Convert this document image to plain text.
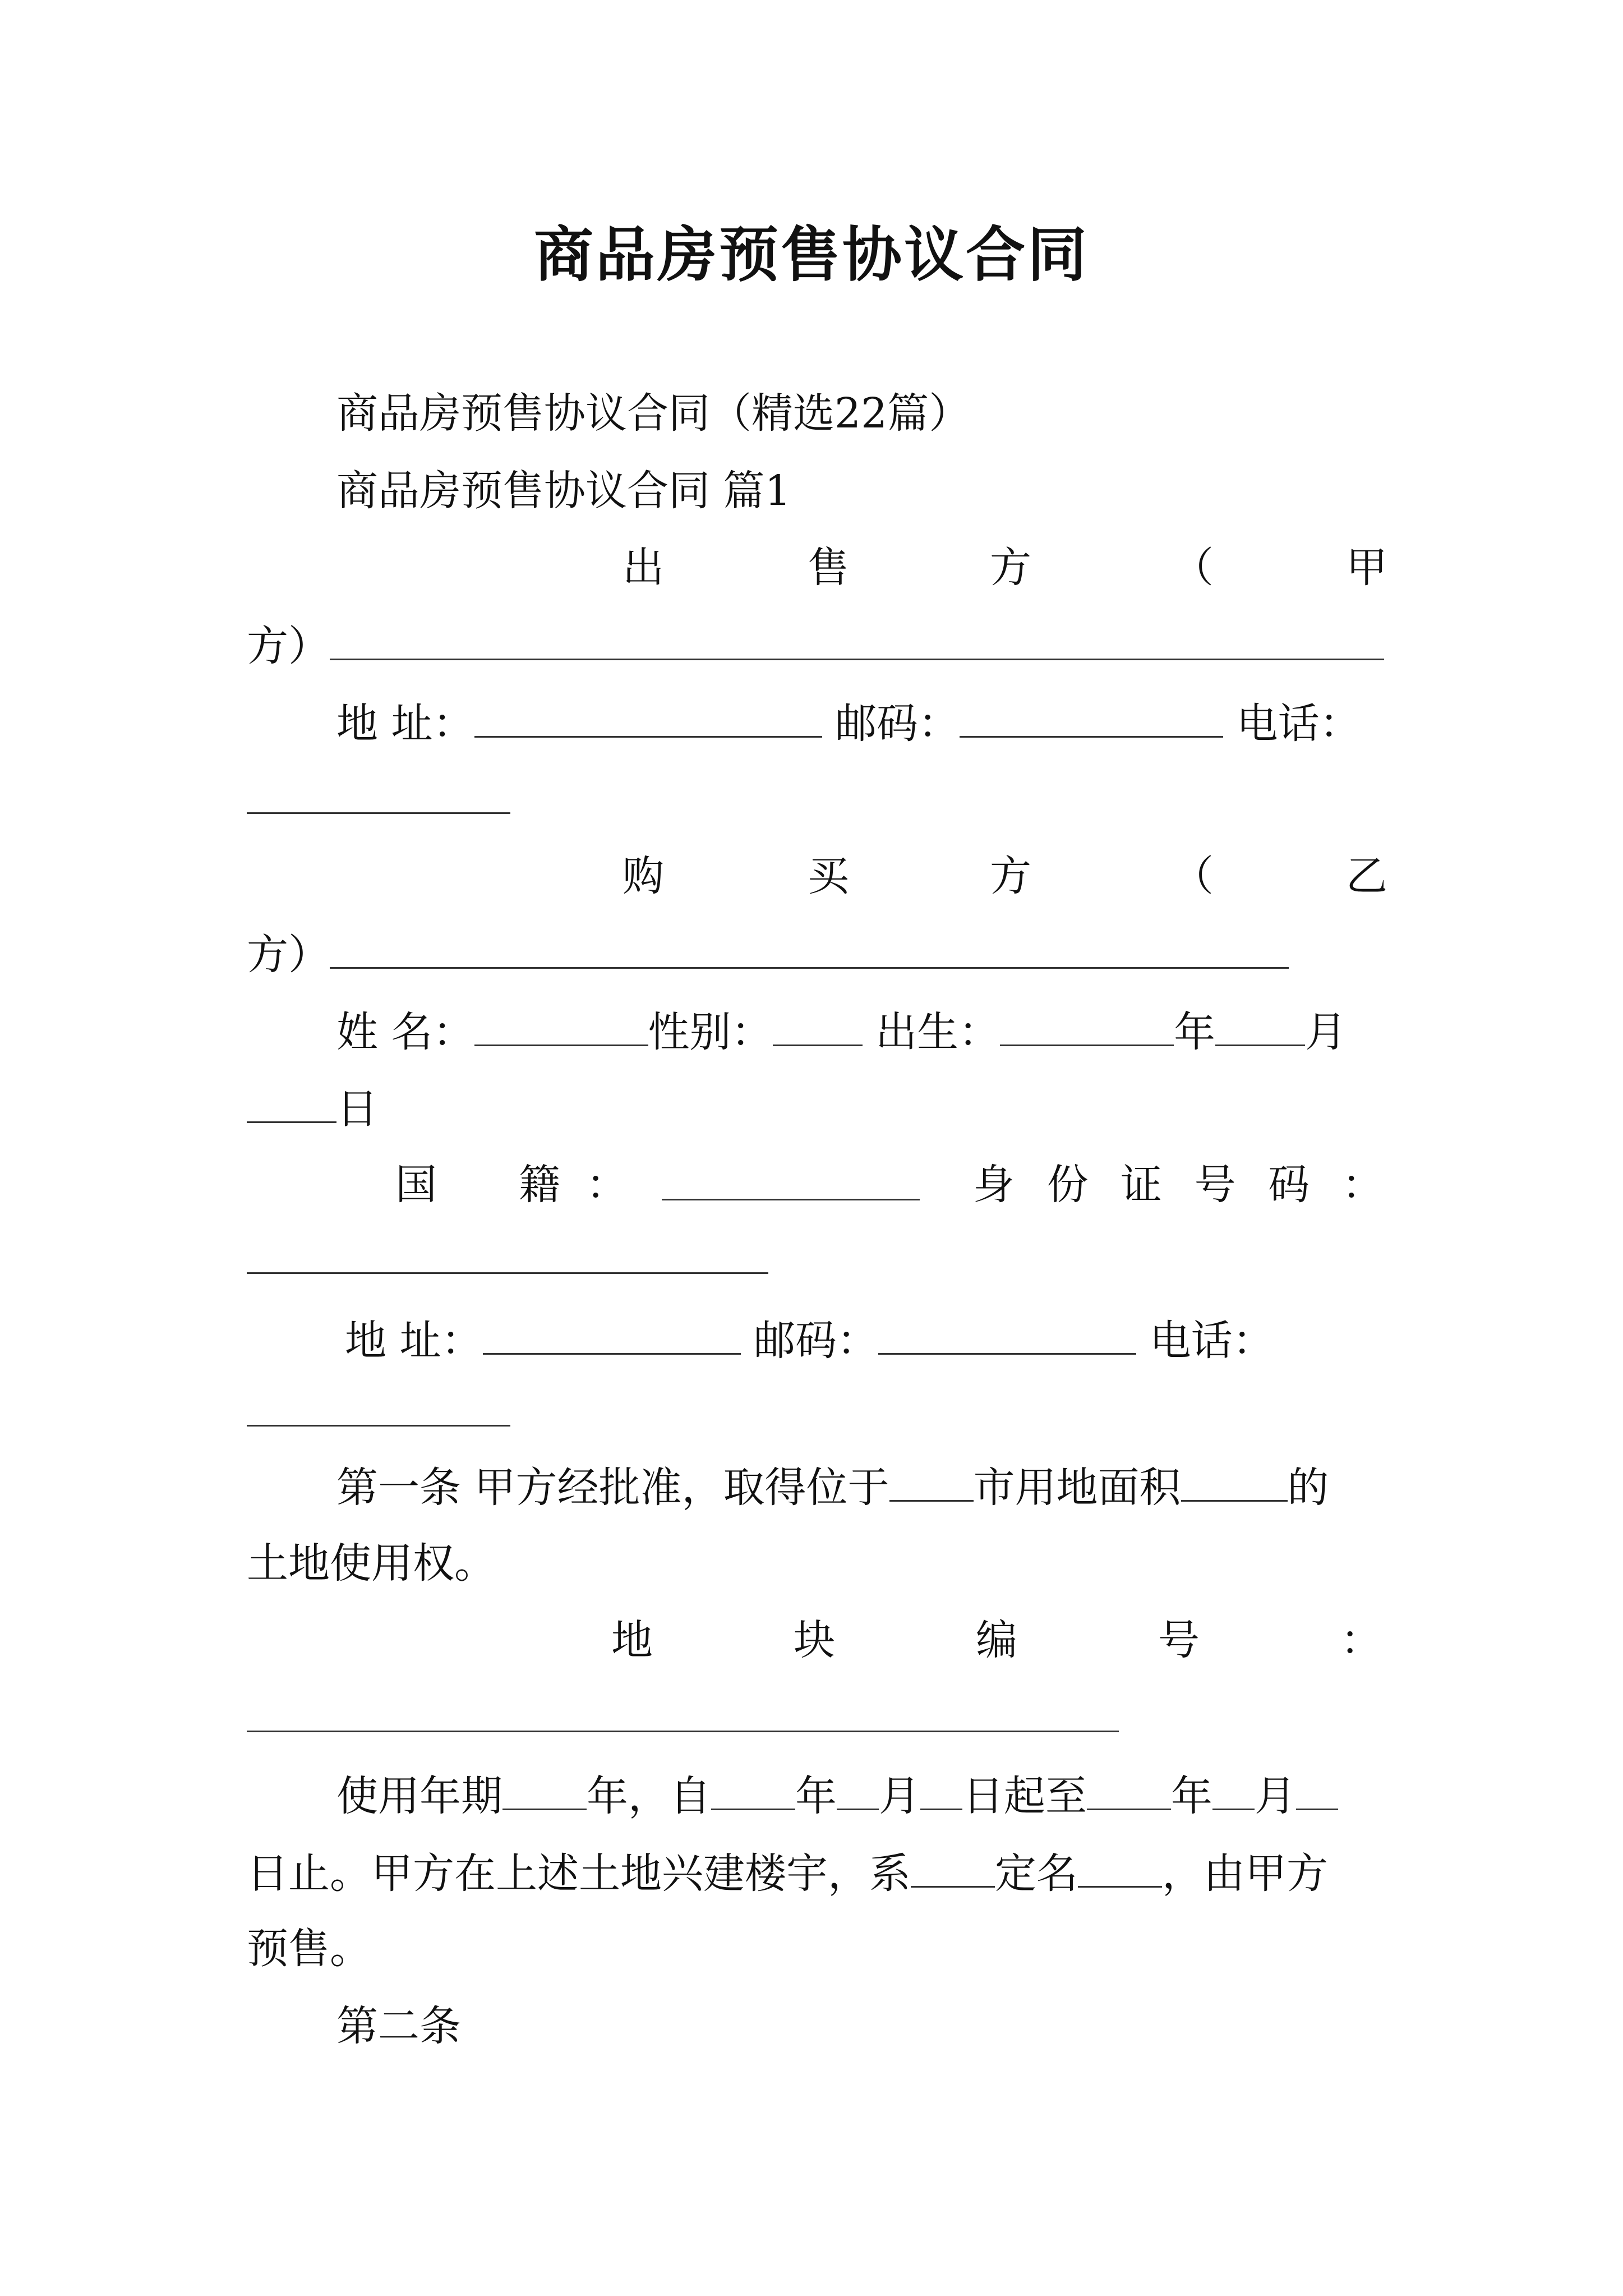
商品房预售协议合同
商品房预售协议合同（精选22篇）
商品房预售协议合同 篇1
出	售	方	（	甲
方）
地 址：	邮码：	电话：
购	买	方	（	乙
方）
姓 名：	性别： 出生：	年 月
日
国 籍 ：	身 份 证 号 码 ：
地 址：	邮码：	电话：
第一条 甲方经批准，取得位于 市用地面积	的
土地使用权。
地	块	编	号	：
使用年期 年，自 年 月 日起至 年 月
日止。甲方在上述土地兴建楼宇，系 定名 ，由甲方
预售。
第二条
